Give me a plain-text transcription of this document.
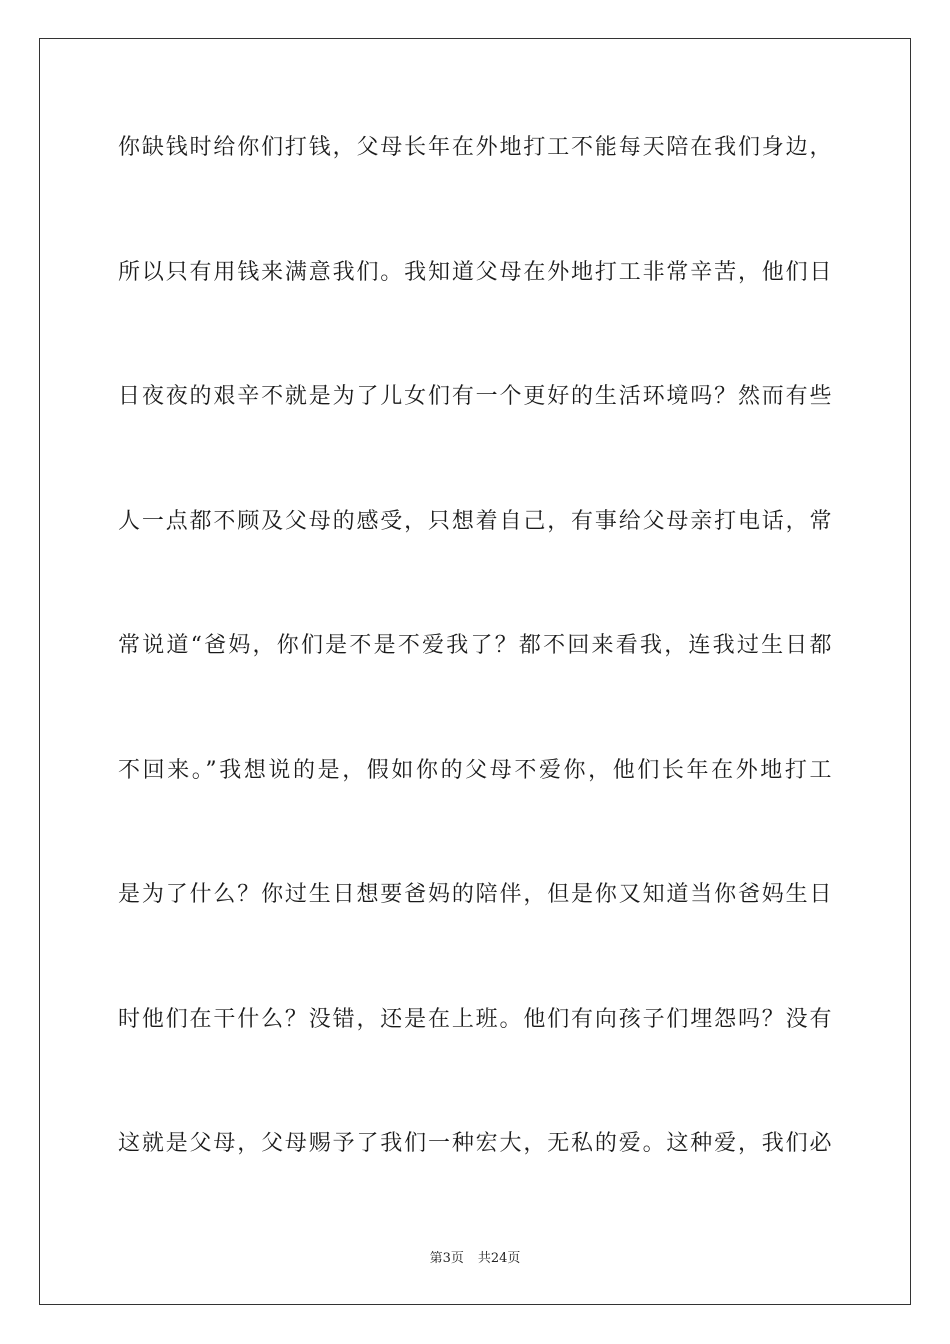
你缺钱时给你们打钱，父母长年在外地打工不能每天陪在我们身边，
所以只有用钱来满意我们。我知道父母在外地打工非常辛苦，他们日
日夜夜的艰辛不就是为了儿女们有一个更好的生活环境吗？然而有些
人一点都不顾及父母的感受，只想着自己，有事给父母亲打电话，常
常说道“爸妈，你们是不是不爱我了？都不回来看我，连我过生日都
不回来。”我想说的是，假如你的父母不爱你，他们长年在外地打工
是为了什么？你过生日想要爸妈的陪伴，但是你又知道当你爸妈生日
时他们在干什么？没错，还是在上班。他们有向孩子们埋怨吗？没有
这就是父母，父母赐予了我们一种宏大，无私的爱。这种爱，我们必
第3页 共24页
